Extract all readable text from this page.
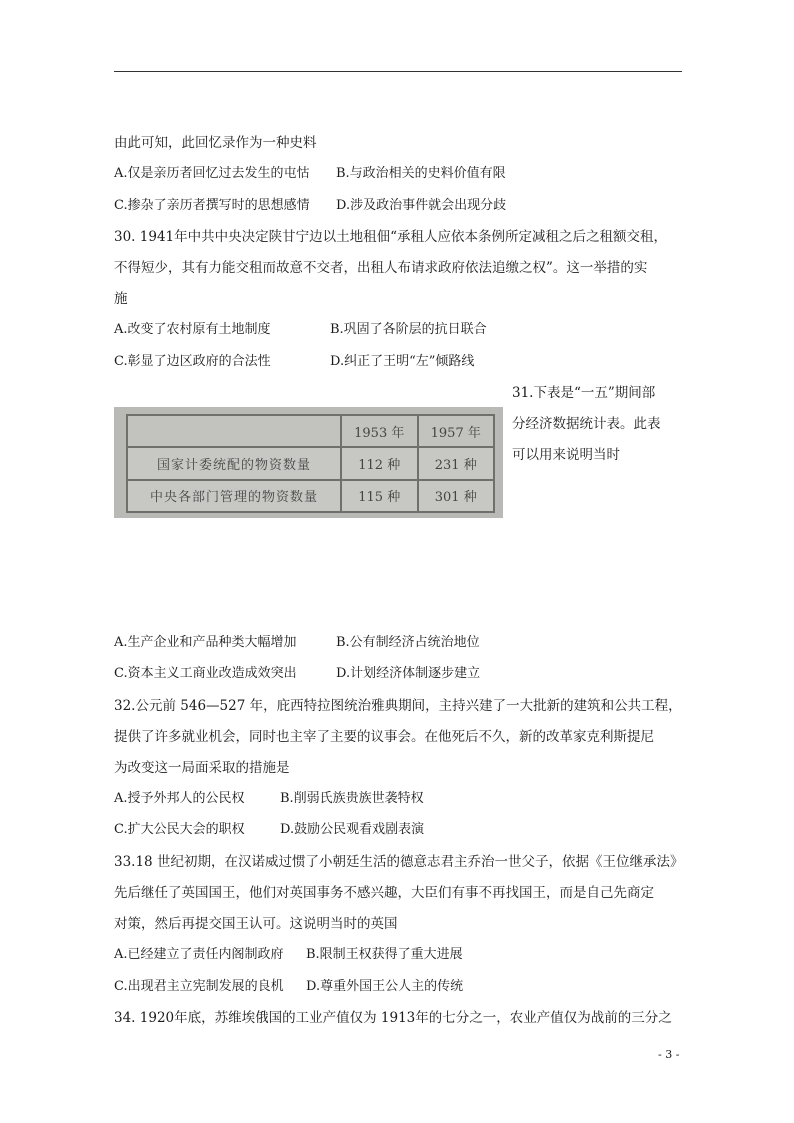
由此可知，此回忆录作为一种史料
A.仅是亲历者回忆过去发生的屯怙 B.与政治相关的史料价值有限
C.掺杂了亲历者撰写时的思想感情 D.涉及政治事件就会出现分歧
30. 1941年中共中央决定陕甘宁边以土地租佃“承租人应依本条例所定减租之后之租额交租，
不得短少，其有力能交租而故意不交者，出租人布请求政府依法追缴之权”。这一举措的实
施
A.改变了农村原有土地制度	B.巩固了各阶层的抗日联合
C.彰显了边区政府的合法性	D.纠正了王明“左”倾路线
31.下表是“一五”期间部
分经济数据统计表。此表
可以用来说明当时
	1953 年	1957 年
国家计委统配的物资数量	112 种	231 种
中央各部门管理的物资数量	115 种	301 种
A.生产企业和产品种类大幅增加	B.公有制经济占统治地位
C.资本主义工商业改造成效突出	D.计划经济体制逐步建立
32.公元前 546—527 年，庇西特拉图统治雅典期间，主持兴建了一大批新的建筑和公共工程，
提供了许多就业机会，同时也主宰了主要的议事会。在他死后不久，新的改革家克利斯提尼
为改变这一局面采取的措施是
A.授予外邦人的公民权	B.削弱氏族贵族世袭特权
C.扩大公民大会的职权	D.鼓励公民观看戏剧表演
33.18 世纪初期，在汉诺威过惯了小朝廷生活的德意志君主乔治一世父子，依据《王位继承法》
先后继任了英国国王，他们对英国事务不感兴趣，大臣们有事不再找国王，而是自己先商定
对策，然后再提交国王认可。这说明当时的英国
A.已经建立了责任内阁制政府 B.限制王权获得了重大进展
C.出现君主立宪制发展的良机 D.尊重外国王公人主的传统
34. 1920年底，苏维埃俄国的工业产值仅为 1913年的七分之一，农业产值仅为战前的三分之
- 3 -
